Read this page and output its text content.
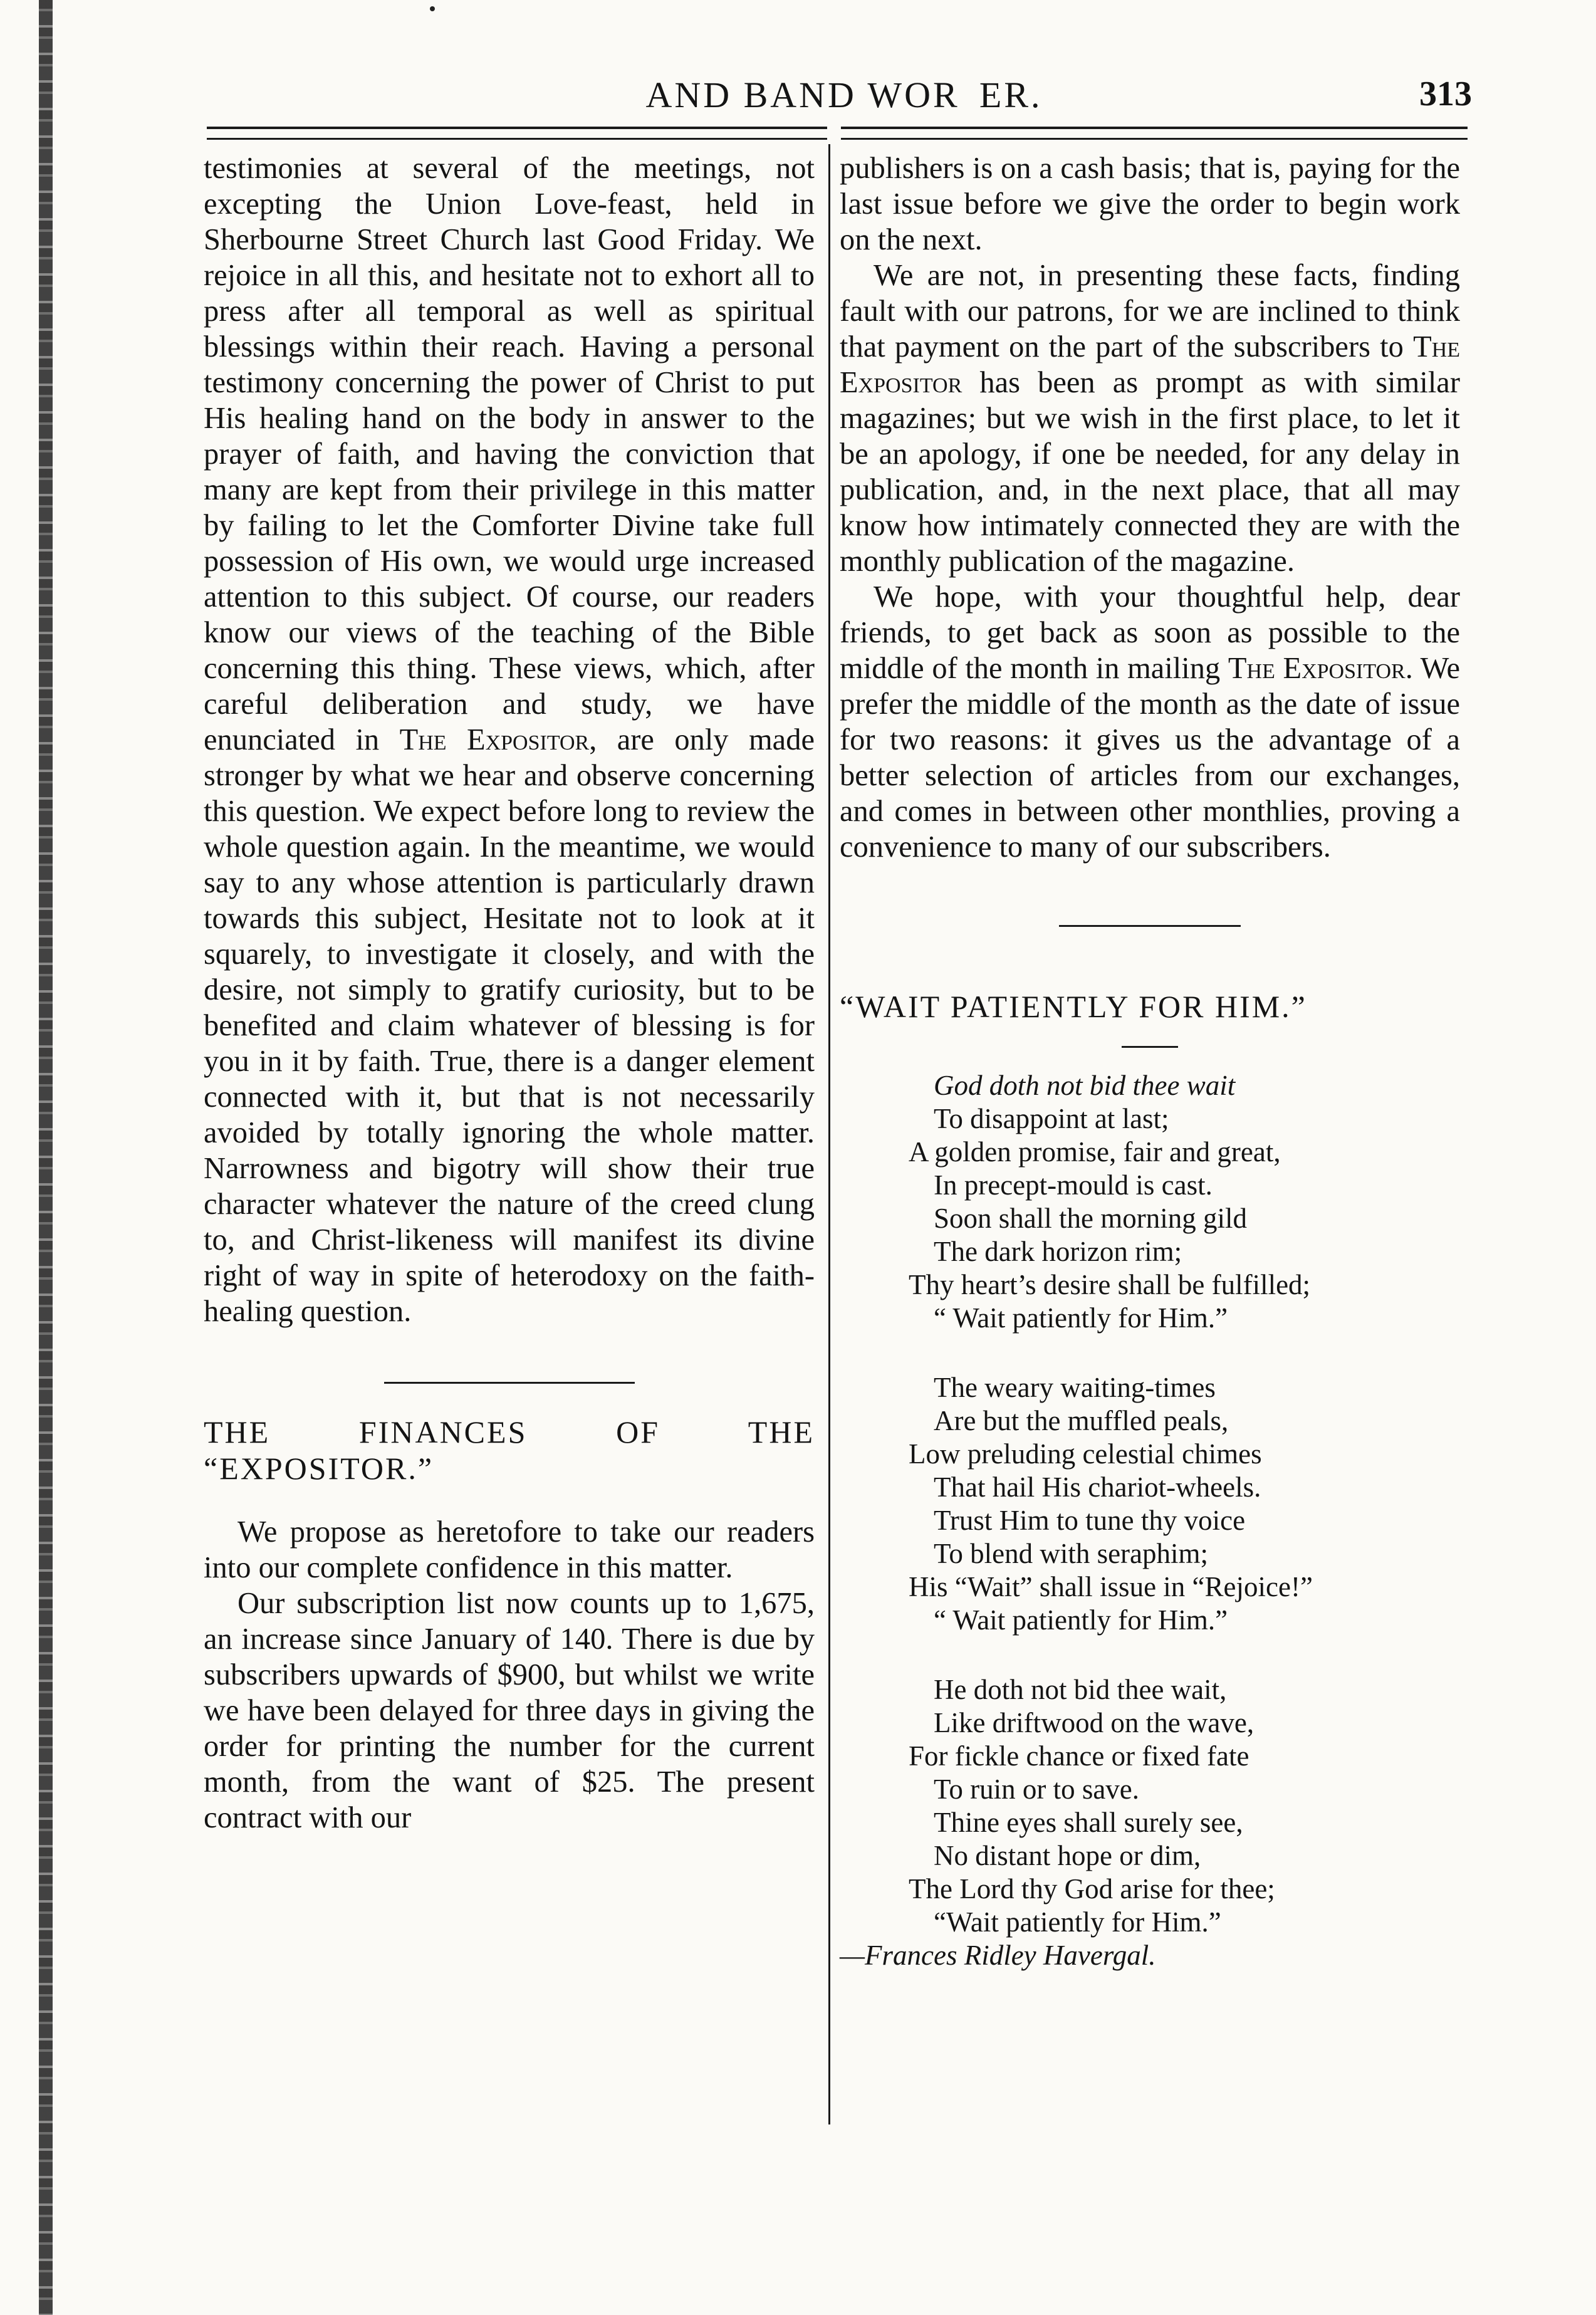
AND BAND WOR  ER.	313

testimonies at several of the meetings, not excepting the Union Love-feast, held in Sherbourne Street Church last Good Friday. We rejoice in all this, and hesitate not to exhort all to press after all temporal as well as spiritual blessings within their reach. Having a personal testimony concerning the power of Christ to put His healing hand on the body in answer to the prayer of faith, and having the conviction that many are kept from their privilege in this matter by failing to let the Comforter Divine take full possession of His own, we would urge increased attention to this subject. Of course, our readers know our views of the teaching of the Bible concerning this thing. These views, which, after careful deliberation and study, we have enunciated in The Expositor, are only made stronger by what we hear and observe concerning this question. We expect before long to review the whole question again. In the meantime, we would say to any whose attention is particularly drawn towards this subject, Hesitate not to look at it squarely, to investigate it closely, and with the desire, not simply to gratify curiosity, but to be benefited and claim whatever of blessing is for you in it by faith. True, there is a danger element connected with it, but that is not necessarily avoided by totally ignoring the whole matter. Narrowness and bigotry will show their true character whatever the nature of the creed clung to, and Christ-likeness will manifest its divine right of way in spite of heterodoxy on the faith-healing question.

THE FINANCES OF THE “EXPOSITOR.”

We propose as heretofore to take our readers into our complete confidence in this matter.

Our subscription list now counts up to 1,675, an increase since January of 140. There is due by subscribers upwards of $900, but whilst we write we have been delayed for three days in giving the order for printing the number for the current month, from the want of $25. The present contract with our

publishers is on a cash basis; that is, paying for the last issue before we give the order to begin work on the next.

We are not, in presenting these facts, finding fault with our patrons, for we are inclined to think that payment on the part of the subscribers to The Expositor has been as prompt as with similar magazines; but we wish in the first place, to let it be an apology, if one be needed, for any delay in publication, and, in the next place, that all may know how intimately connected they are with the monthly publication of the magazine.

We hope, with your thoughtful help, dear friends, to get back as soon as possible to the middle of the month in mailing The Expositor. We prefer the middle of the month as the date of issue for two reasons: it gives us the advantage of a better selection of articles from our exchanges, and comes in between other monthlies, proving a convenience to many of our subscribers.

“WAIT PATIENTLY FOR HIM.”

God doth not bid thee wait
To disappoint at last;
A golden promise, fair and great,
In precept-mould is cast.
Soon shall the morning gild
The dark horizon rim;
Thy heart’s desire shall be fulfilled;
“ Wait patiently for Him.”
The weary waiting-times
Are but the muffled peals,
Low preluding celestial chimes
That hail His chariot-wheels.
Trust Him to tune thy voice
To blend with seraphim;
His “Wait” shall issue in “Rejoice!”
“ Wait patiently for Him.”
He doth not bid thee wait,
Like driftwood on the wave,
For fickle chance or fixed fate
To ruin or to save.
Thine eyes shall surely see,
No distant hope or dim,
The Lord thy God arise for thee;
“Wait patiently for Him.”

—Frances Ridley Havergal.
